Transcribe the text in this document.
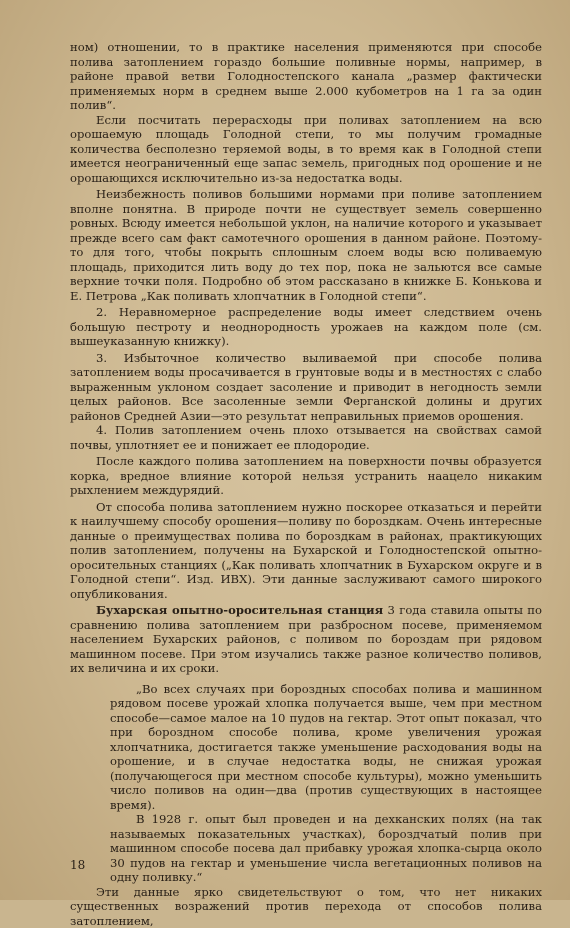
ном) отношении, то в практике населения применяются при способе полива затоплением гораздо большие поливные нормы, например, в районе правой ветви Голодностепского канала „размер фактически применяемых норм в среднем выше 2.000 кубометров на 1 га за один полив“.

Если посчитать перерасходы при поливах затоплением на всю орошаемую площадь Голодной степи, то мы получим громадные количества бесполезно теряемой воды, в то время как в Голодной степи имеется неограниченный еще запас земель, пригодных под орошение и не орошающихся исключительно из-за недостатка воды.

Неизбежность поливов большими нормами при поливе затоплением вполне понятна. В природе почти не существует земель совершенно ровных. Всюду имеется небольшой уклон, на наличие которого и указывает прежде всего сам факт самотечного орошения в данном районе. Поэтому-то для того, чтобы покрыть сплошным слоем воды всю поливаемую площадь, приходится лить воду до тех пор, пока не зальются все самые верхние точки поля. Подробно об этом рассказано в книжке Б. Конькова и Е. Петрова „Как поливать хлопчатник в Голодной степи“.

2. Неравномерное распределение воды имеет следствием очень большую пестроту и неоднородность урожаев на каждом поле (см. вышеуказанную книжку).

3. Избыточное количество выливаемой при способе полива затоплением воды просачивается в грунтовые воды и в местностях с слабо выраженным уклоном создает засоление и приводит в негодность земли целых районов. Все засоленные земли Ферганской долины и других районов Средней Азии—это результат неправильных приемов орошения.

4. Полив затоплением очень плохо отзывается на свойствах самой почвы, уплотняет ее и понижает ее плодородие.

После каждого полива затоплением на поверхности почвы образуется корка, вредное влияние которой нельзя устранить наацело никаким рыхлением междурядий.

От способа полива затоплением нужно поскорее отказаться и перейти к наилучшему способу орошения—поливу по бороздкам. Очень интересные данные о преимуществах полива по бороздкам в районах, практикующих полив затоплением, получены на Бухарской и Голодностепской опытно-оросительных станциях („Как поливать хлопчатник в Бухарском округе и в Голодной степи“. Изд. ИВХ). Эти данные заслуживают самого широкого опубликования.

Бухарская опытно-оросительная станция 3 года ставила опыты по сравнению полива затоплением при разбросном посеве, применяемом населением Бухарских районов, с поливом по бороздам при рядовом машинном посеве. При этом изучались также разное количество поливов, их величина и их сроки.

„Во всех случаях при бороздных способах полива и машинном рядовом посеве урожай хлопка получается выше, чем при местном способе—самое малое на 10 пудов на гектар. Этот опыт показал, что при бороздном способе полива, кроме увеличения урожая хлопчатника, достигается также уменьшение расходования воды на орошение, и в случае недостатка воды, не снижая урожая (получающегося при местном способе культуры), можно уменьшить число поливов на один—два (против существующих в настоящее время).

В 1928 г. опыт был проведен и на дехканских полях (на так называемых показательных участках), бороздчатый полив при машинном способе посева дал прибавку урожая хлопка-сырца около 30 пудов на гектар и уменьшение числа вегетационных поливов на одну поливку.“

Эти данные ярко свидетельствуют о том, что нет никаких существенных возражений против перехода от способов полива затоплением,

18
